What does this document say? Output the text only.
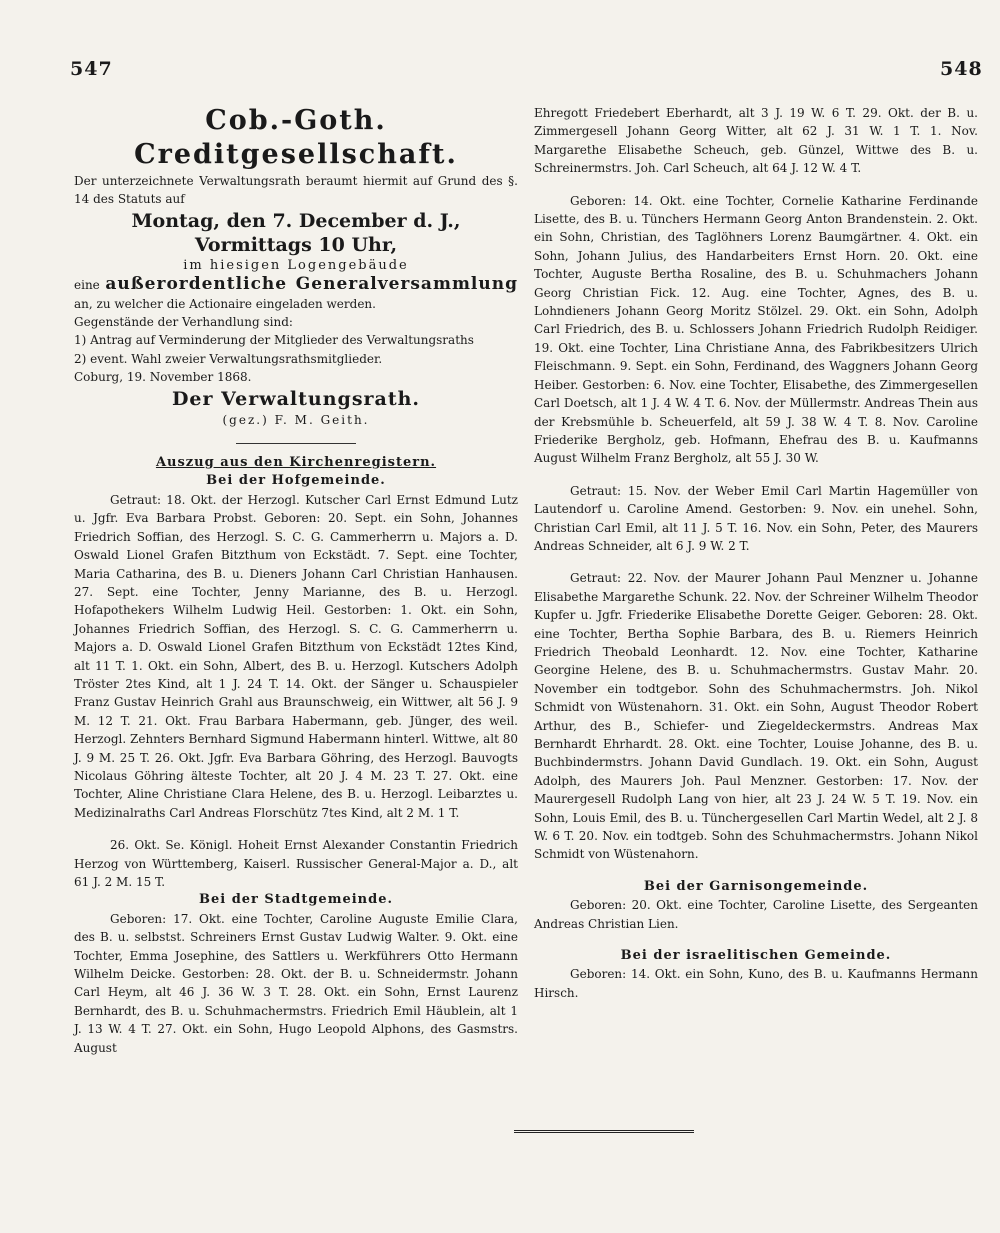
547	548

Cob.-Goth. Creditgesellschaft.

Der unterzeichnete Verwaltungsrath beraumt hiermit auf Grund des §. 14 des Statuts auf

Montag, den 7. December d. J.,

Vormittags 10 Uhr,

im hiesigen Logengebäude

eine außerordentliche Generalversammlung an, zu welcher die Actionaire eingeladen werden.

Gegenstände der Verhandlung sind:

1) Antrag auf Verminderung der Mitglieder des Verwaltungsraths

2) event. Wahl zweier Verwaltungsrathsmitglieder.

Coburg, 19. November 1868.

Der Verwaltungsrath.

(gez.) F. M. Geith.

Auszug aus den Kirchenregistern.

Bei der Hofgemeinde.

Getraut: 18. Okt. der Herzogl. Kutscher Carl Ernst Edmund Lutz u. Jgfr. Eva Barbara Probst. Geboren: 20. Sept. ein Sohn, Johannes Friedrich Soffian, des Herzogl. S. C. G. Cammerherrn u. Majors a. D. Oswald Lionel Grafen Bitzthum von Eckstädt. 7. Sept. eine Tochter, Maria Catharina, des B. u. Dieners Johann Carl Christian Hanhausen. 27. Sept. eine Tochter, Jenny Marianne, des B. u. Herzogl. Hofapothekers Wilhelm Ludwig Heil. Gestorben: 1. Okt. ein Sohn, Johannes Friedrich Soffian, des Herzogl. S. C. G. Cammerherrn u. Majors a. D. Oswald Lionel Grafen Bitzthum von Eckstädt 12tes Kind, alt 11 T. 1. Okt. ein Sohn, Albert, des B. u. Herzogl. Kutschers Adolph Tröster 2tes Kind, alt 1 J. 24 T. 14. Okt. der Sänger u. Schauspieler Franz Gustav Heinrich Grahl aus Braunschweig, ein Wittwer, alt 56 J. 9 M. 12 T. 21. Okt. Frau Barbara Habermann, geb. Jünger, des weil. Herzogl. Zehnters Bernhard Sigmund Habermann hinterl. Wittwe, alt 80 J. 9 M. 25 T. 26. Okt. Jgfr. Eva Barbara Göhring, des Herzogl. Bauvogts Nicolaus Göhring älteste Tochter, alt 20 J. 4 M. 23 T. 27. Okt. eine Tochter, Aline Christiane Clara Helene, des B. u. Herzogl. Leibarztes u. Medizinalraths Carl Andreas Florschütz 7tes Kind, alt 2 M. 1 T.

26. Okt. Se. Königl. Hoheit Ernst Alexander Constantin Friedrich Herzog von Württemberg, Kaiserl. Russischer General-Major a. D., alt 61 J. 2 M. 15 T.

Bei der Stadtgemeinde.

Geboren: 17. Okt. eine Tochter, Caroline Auguste Emilie Clara, des B. u. selbstst. Schreiners Ernst Gustav Ludwig Walter. 9. Okt. eine Tochter, Emma Josephine, des Sattlers u. Werkführers Otto Hermann Wilhelm Deicke. Gestorben: 28. Okt. der B. u. Schneidermstr. Johann Carl Heym, alt 46 J. 36 W. 3 T. 28. Okt. ein Sohn, Ernst Laurenz Bernhardt, des B. u. Schuhmachermstrs. Friedrich Emil Häublein, alt 1 J. 13 W. 4 T. 27. Okt. ein Sohn, Hugo Leopold Alphons, des Gasmstrs. August

Ehregott Friedebert Eberhardt, alt 3 J. 19 W. 6 T. 29. Okt. der B. u. Zimmergesell Johann Georg Witter, alt 62 J. 31 W. 1 T. 1. Nov. Margarethe Elisabethe Scheuch, geb. Günzel, Wittwe des B. u. Schreinermstrs. Joh. Carl Scheuch, alt 64 J. 12 W. 4 T.

Geboren: 14. Okt. eine Tochter, Cornelie Katharine Ferdinande Lisette, des B. u. Tünchers Hermann Georg Anton Brandenstein. 2. Okt. ein Sohn, Christian, des Taglöhners Lorenz Baumgärtner. 4. Okt. ein Sohn, Johann Julius, des Handarbeiters Ernst Horn. 20. Okt. eine Tochter, Auguste Bertha Rosaline, des B. u. Schuhmachers Johann Georg Christian Fick. 12. Aug. eine Tochter, Agnes, des B. u. Lohndieners Johann Georg Moritz Stölzel. 29. Okt. ein Sohn, Adolph Carl Friedrich, des B. u. Schlossers Johann Friedrich Rudolph Reidiger. 19. Okt. eine Tochter, Lina Christiane Anna, des Fabrikbesitzers Ulrich Fleischmann. 9. Sept. ein Sohn, Ferdinand, des Waggners Johann Georg Heiber. Gestorben: 6. Nov. eine Tochter, Elisabethe, des Zimmergesellen Carl Doetsch, alt 1 J. 4 W. 4 T. 6. Nov. der Müllermstr. Andreas Thein aus der Krebsmühle b. Scheuerfeld, alt 59 J. 38 W. 4 T. 8. Nov. Caroline Friederike Bergholz, geb. Hofmann, Ehefrau des B. u. Kaufmanns August Wilhelm Franz Bergholz, alt 55 J. 30 W.

Getraut: 15. Nov. der Weber Emil Carl Martin Hagemüller von Lautendorf u. Caroline Amend. Gestorben: 9. Nov. ein unehel. Sohn, Christian Carl Emil, alt 11 J. 5 T. 16. Nov. ein Sohn, Peter, des Maurers Andreas Schneider, alt 6 J. 9 W. 2 T.

Getraut: 22. Nov. der Maurer Johann Paul Menzner u. Johanne Elisabethe Margarethe Schunk. 22. Nov. der Schreiner Wilhelm Theodor Kupfer u. Jgfr. Friederike Elisabethe Dorette Geiger. Geboren: 28. Okt. eine Tochter, Bertha Sophie Barbara, des B. u. Riemers Heinrich Friedrich Theobald Leonhardt. 12. Nov. eine Tochter, Katharine Georgine Helene, des B. u. Schuhmachermstrs. Gustav Mahr. 20. November ein todtgebor. Sohn des Schuhmachermstrs. Joh. Nikol Schmidt von Wüstenahorn. 31. Okt. ein Sohn, August Theodor Robert Arthur, des B., Schiefer- und Ziegeldeckermstrs. Andreas Max Bernhardt Ehrhardt. 28. Okt. eine Tochter, Louise Johanne, des B. u. Buchbindermstrs. Johann David Gundlach. 19. Okt. ein Sohn, August Adolph, des Maurers Joh. Paul Menzner. Gestorben: 17. Nov. der Maurergesell Rudolph Lang von hier, alt 23 J. 24 W. 5 T. 19. Nov. ein Sohn, Louis Emil, des B. u. Tünchergesellen Carl Martin Wedel, alt 2 J. 8 W. 6 T. 20. Nov. ein todtgeb. Sohn des Schuhmachermstrs. Johann Nikol Schmidt von Wüstenahorn.

Bei der Garnisongemeinde.

Geboren: 20. Okt. eine Tochter, Caroline Lisette, des Sergeanten Andreas Christian Lien.

Bei der israelitischen Gemeinde.

Geboren: 14. Okt. ein Sohn, Kuno, des B. u. Kaufmanns Hermann Hirsch.
